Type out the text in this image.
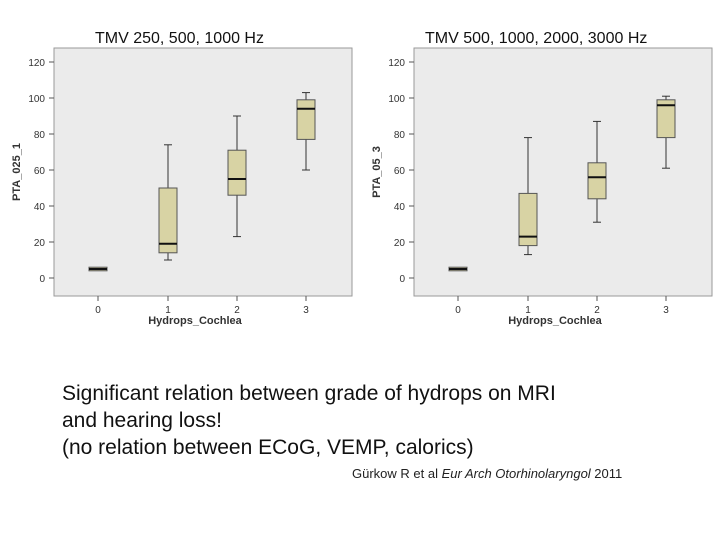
TMV 250, 500, 1000 Hz	TMV 500, 1000, 2000, 3000 Hz
0
20
40
60
80
100
120
PTA_025_1
0	1	2	3
Hydrops_Cochlea
0
20
40
60
80
100
120
PTA_05_3
0	1	2	3
Hydrops_Cochlea
Significant relation between grade of hydrops on MRI
and hearing loss!
(no relation between ECoG, VEMP, calorics)
Gürkow R et al Eur Arch Otorhinolaryngol 2011
